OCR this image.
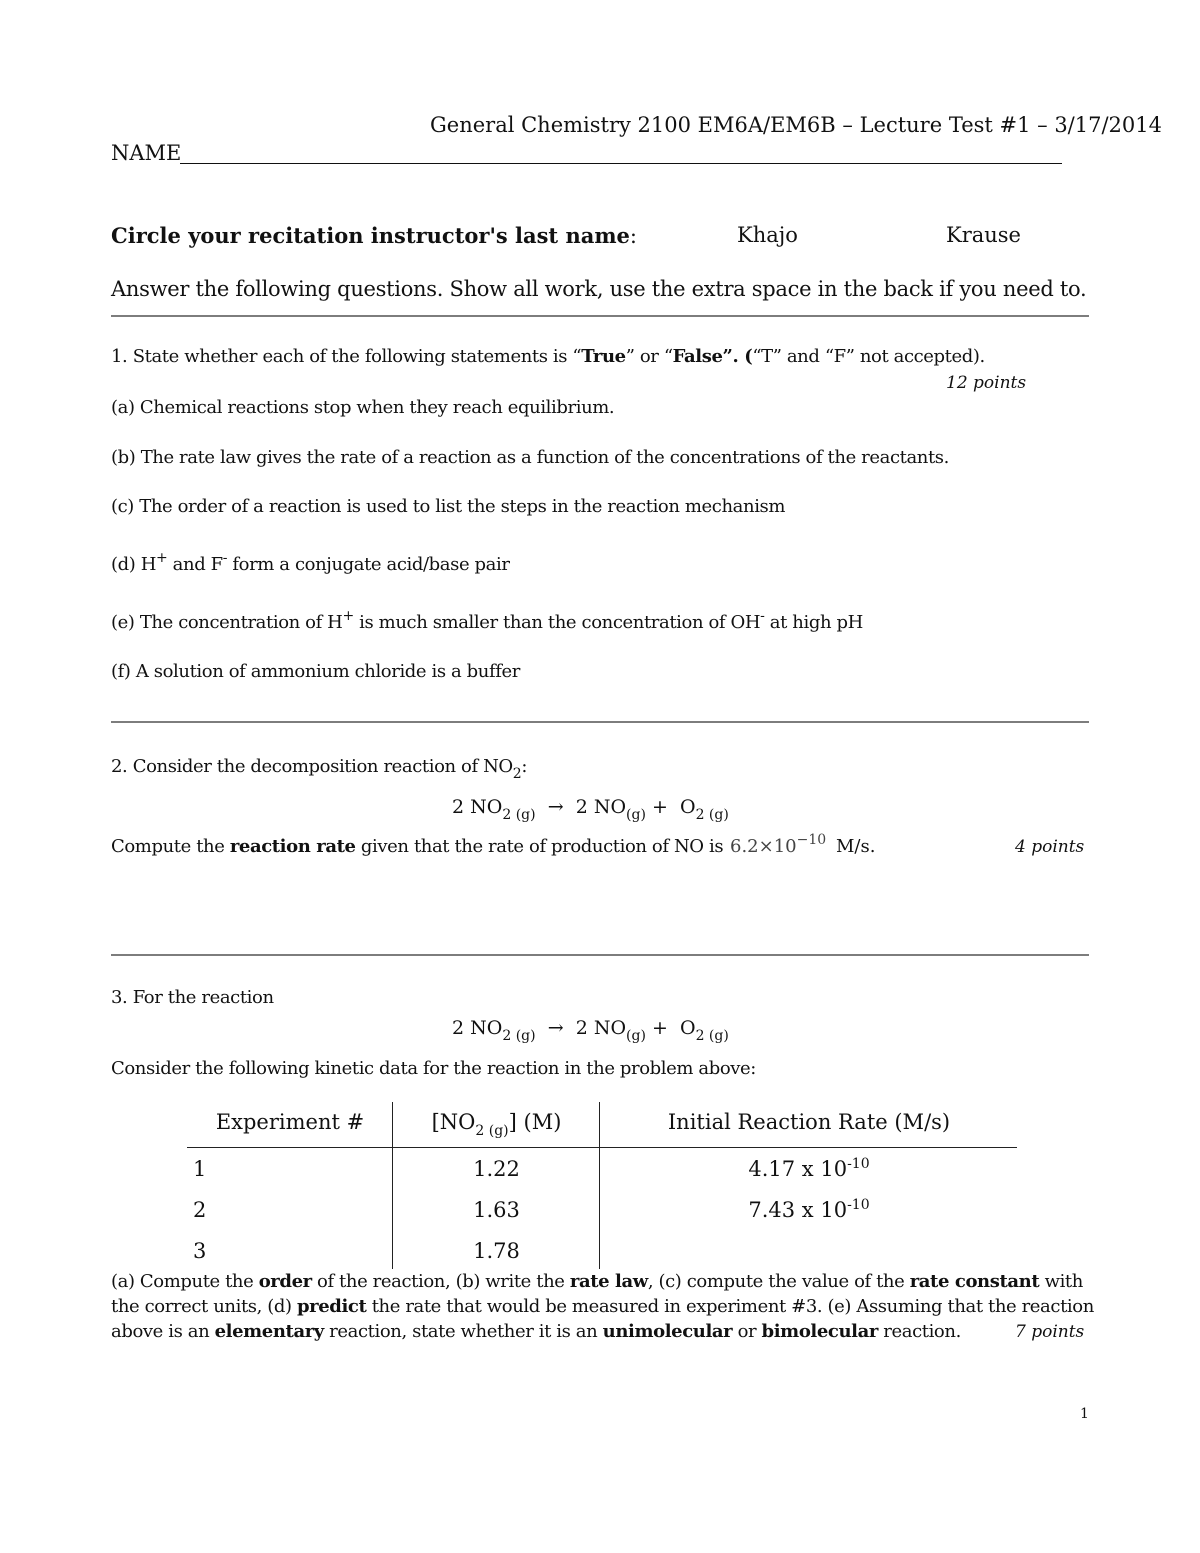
General Chemistry 2100 EM6A/EM6B – Lecture Test #1 – 3/17/2014
NAME
Circle your recitation instructor's last name:	Khajo	Krause
Answer the following questions. Show all work, use the extra space in the back if you need to.
1. State whether each of the following statements is “True” or “False”. (“T” and “F” not accepted).
12 points
(a) Chemical reactions stop when they reach equilibrium.
(b) The rate law gives the rate of a reaction as a function of the concentrations of the reactants.
(c) The order of a reaction is used to list the steps in the reaction mechanism
(d) H+ and F- form a conjugate acid/base pair
(e) The concentration of H+ is much smaller than the concentration of OH- at high pH
(f) A solution of ammonium chloride is a buffer
2. Consider the decomposition reaction of $NO_2$:
2 $NO_{2 (g)} \to 2$ $NO_{(g)} + O_{2 (g)}$
Compute the reaction rate given that the rate of production of NO is $6.2\times 10^{-10}$ M/s.	4 points
3. For the reaction
2 $NO_{2 (g)} \to 2$ $NO_{(g)} + O_{2 (g)}$
Consider the following kinetic data for the reaction in the problem above:
Experiment #	$[NO_{2 (g)}]$ (M)	Initial Reaction Rate (M/s)
1	1.22	4.17 x $10^{-10}$
2	1.63	7.43 x $10^{-10}$
3	1.78
(a) Compute the order of the reaction, (b) write the rate law, (c) compute the value of the rate constant with
the correct units, (d) predict the rate that would be measured in experiment #3. (e) Assuming that the reaction
above is an elementary reaction, state whether it is an unimolecular or bimolecular reaction.	7 points
1
